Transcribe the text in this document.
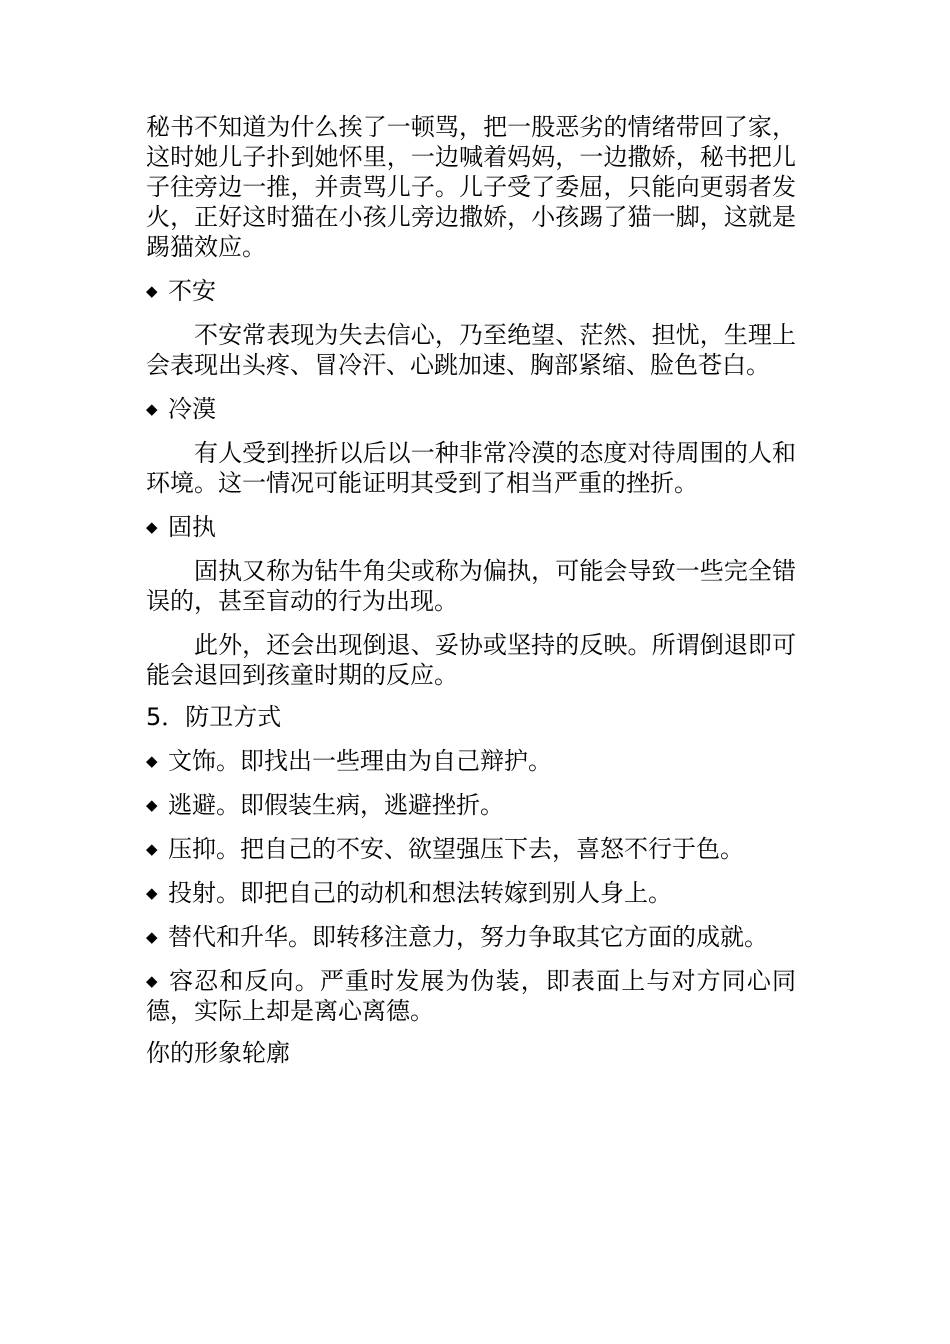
秘书不知道为什么挨了一顿骂，把一股恶劣的情绪带回了家，这时她儿子扑到她怀里，一边喊着妈妈，一边撒娇，秘书把儿子往旁边一推，并责骂儿子。儿子受了委屈，只能向更弱者发火，正好这时猫在小孩儿旁边撒娇，小孩踢了猫一脚，这就是踢猫效应。

◆ 不安

不安常表现为失去信心，乃至绝望、茫然、担忧，生理上会表现出头疼、冒冷汗、心跳加速、胸部紧缩、脸色苍白。

◆ 冷漠

有人受到挫折以后以一种非常冷漠的态度对待周围的人和环境。这一情况可能证明其受到了相当严重的挫折。

◆ 固执

固执又称为钻牛角尖或称为偏执，可能会导致一些完全错误的，甚至盲动的行为出现。

此外，还会出现倒退、妥协或坚持的反映。所谓倒退即可能会退回到孩童时期的反应。

5．防卫方式

◆ 文饰。即找出一些理由为自己辩护。

◆ 逃避。即假装生病，逃避挫折。

◆ 压抑。把自己的不安、欲望强压下去，喜怒不行于色。

◆ 投射。即把自己的动机和想法转嫁到别人身上。

◆ 替代和升华。即转移注意力，努力争取其它方面的成就。

◆ 容忍和反向。严重时发展为伪装，即表面上与对方同心同德，实际上却是离心离德。

你的形象轮廓
